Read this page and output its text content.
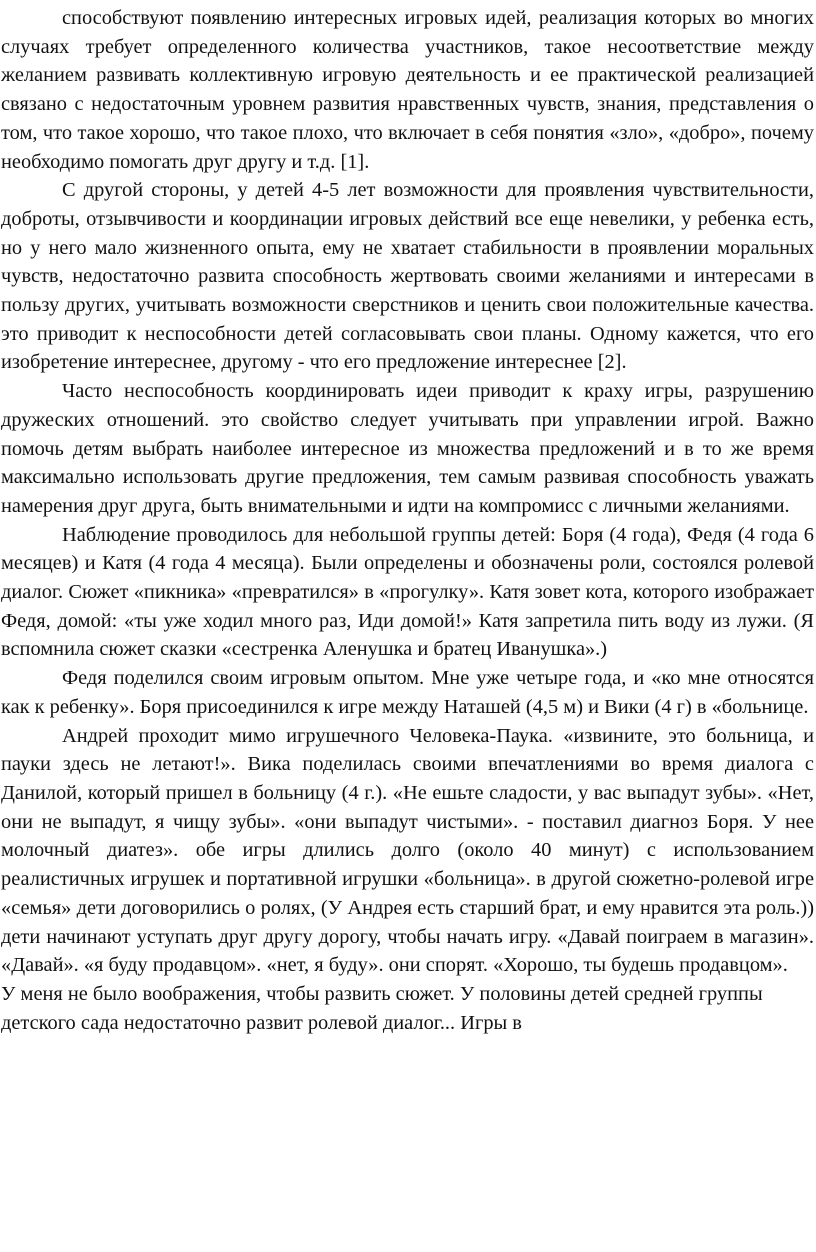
способствуют появлению интересных игровых идей, реализация которых во многих случаях требует определенного количества участников, такое несоответствие между желанием развивать коллективную игровую деятельность и ее практической реализацией связано с недостаточным уровнем развития нравственных чувств, знания, представления о том, что такое хорошо, что такое плохо, что включает в себя понятия «зло», «добро», почему необходимо помогать друг другу и т.д. [1].

С другой стороны, у детей 4-5 лет возможности для проявления чувствительности, доброты, отзывчивости и координации игровых действий все еще невелики, у ребенка есть, но у него мало жизненного опыта, ему не хватает стабильности в проявлении моральных чувств, недостаточно развита способность жертвовать своими желаниями и интересами в пользу других, учитывать возможности сверстников и ценить свои положительные качества. это приводит к неспособности детей согласовывать свои планы. Одному кажется, что его изобретение интереснее, другому - что его предложение интереснее [2].

Часто неспособность координировать идеи приводит к краху игры, разрушению дружеских отношений. это свойство следует учитывать при управлении игрой. Важно помочь детям выбрать наиболее интересное из множества предложений и в то же время максимально использовать другие предложения, тем самым развивая способность уважать намерения друг друга, быть внимательными и идти на компромисс с личными желаниями.

Наблюдение проводилось для небольшой группы детей: Боря (4 года), Федя (4 года 6 месяцев) и Катя (4 года 4 месяца). Были определены и обозначены роли, состоялся ролевой диалог. Сюжет «пикника» «превратился» в «прогулку». Катя зовет кота, которого изображает Федя, домой: «ты уже ходил много раз, Иди домой!» Катя запретила пить воду из лужи. (Я вспомнила сюжет сказки «сестренка Аленушка и братец Иванушка».)

Федя поделился своим игровым опытом. Мне уже четыре года, и «ко мне относятся как к ребенку». Боря присоединился к игре между Наташей (4,5 м) и Вики (4 г) в «больнице.

Андрей проходит мимо игрушечного Человека-Паука. «извините, это больница, и пауки здесь не летают!». Вика поделилась своими впечатлениями во время диалога с Данилой, который пришел в больницу (4 г.). «Не ешьте сладости, у вас выпадут зубы». «Нет, они не выпадут, я чищу зубы». «они выпадут чистыми». - поставил диагноз Боря. У нее молочный диатез». обе игры длились долго (около 40 минут) с использованием реалистичных игрушек и портативной игрушки «больница». в другой сюжетно-ролевой игре «семья» дети договорились о ролях, (У Андрея есть старший брат, и ему нравится эта роль.)) дети начинают уступать друг другу дорогу, чтобы начать игру. «Давай поиграем в магазин». «Давай». «я буду продавцом». «нет, я буду». они спорят. «Хорошо, ты будешь продавцом».

У меня не было воображения, чтобы развить сюжет. У половины детей средней группы детского сада недостаточно развит ролевой диалог... Игры в
